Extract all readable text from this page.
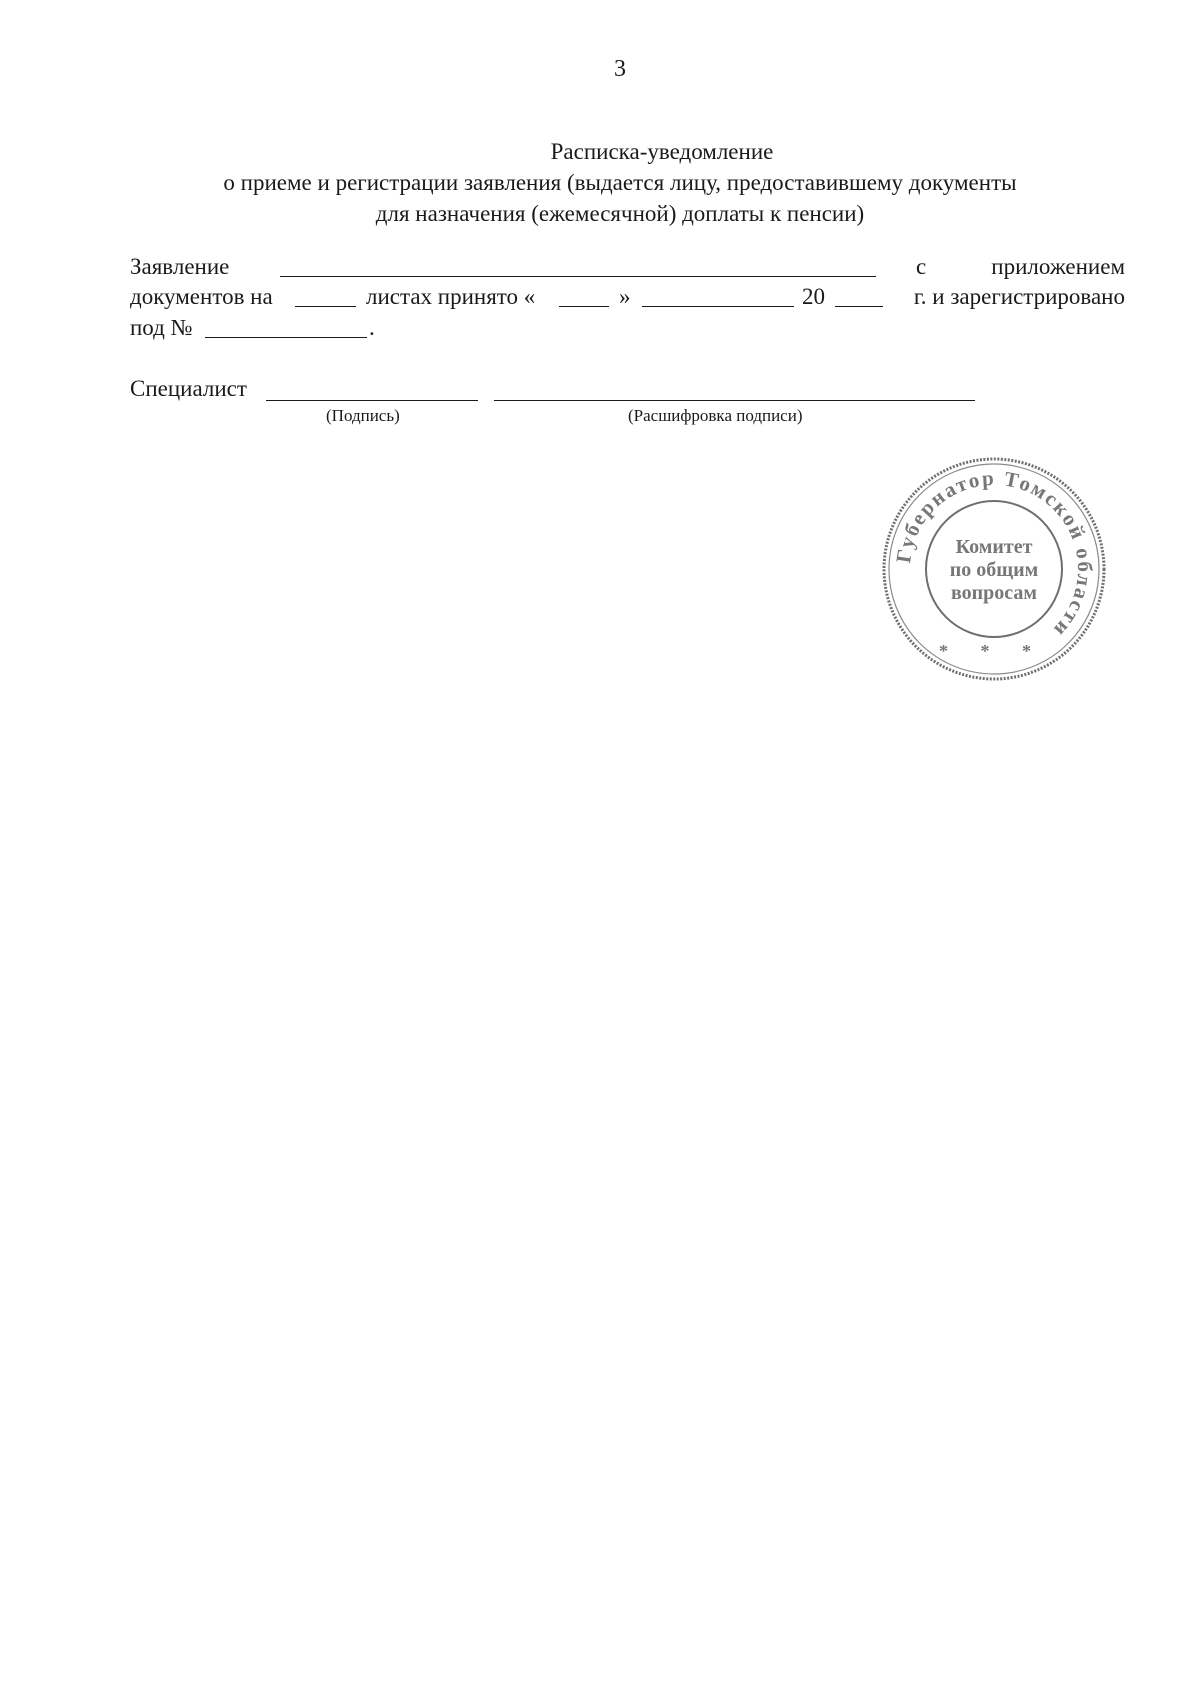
3
Расписка-уведомление
о приеме и регистрации заявления (выдается лицу, предоставившему документы
для назначения (ежемесячной) доплаты к пенсии)
Заявление	с	приложением
документов на	листах принято «	»	20	г. и зарегистрировано
под №	.
Специалист
(Подпись)	(Расшифровка подписи)
Губернатор Томской области
Комитет
по общим
вопросам
* * *
